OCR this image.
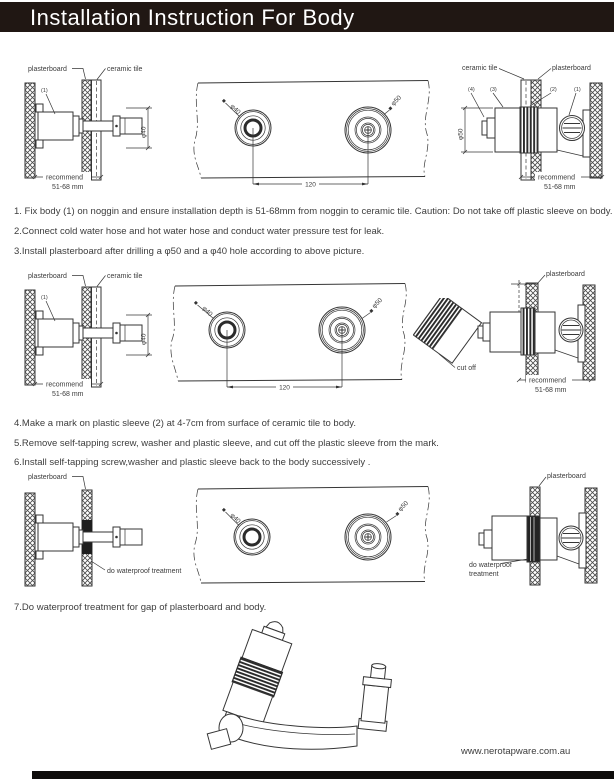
Installation Instruction For Body
(1)
φ40
recommend
51-68 mm
plasterboard	ceramic tile
φ40
φ50
120
(4)	(3)	(2)	(1)
φ50
recommend
51-68 mm
ceramic tile	plasterboard
1. Fix body (1) on noggin and ensure installation depth is 51-68mm from noggin to ceramic tile. Caution: Do not take off plastic sleeve on body.
2.Connect cold water hose and hot water hose and conduct water pressure test for leak.
3.Install plasterboard after drilling a φ50 and a φ40 hole according to above picture.
(1)
φ40
recommend
51-68 mm
plasterboard	ceramic tile
φ40
φ50
120
cut off
recommend
51-68 mm
plasterboard
4.Make a mark on plastic sleeve (2) at 4-7cm from surface of ceramic tile to body.
5.Remove self-tapping screw, washer and plastic sleeve, and cut off the plastic sleeve from the mark.
6.Install self-tapping screw,washer and plastic sleeve back to the body successively .
plasterboard
do waterproof treatment
φ40
φ50
plasterboard
do waterproof
treatment
7.Do waterproof treatment for gap of plasterboard and body.
www.nerotapware.com.au
